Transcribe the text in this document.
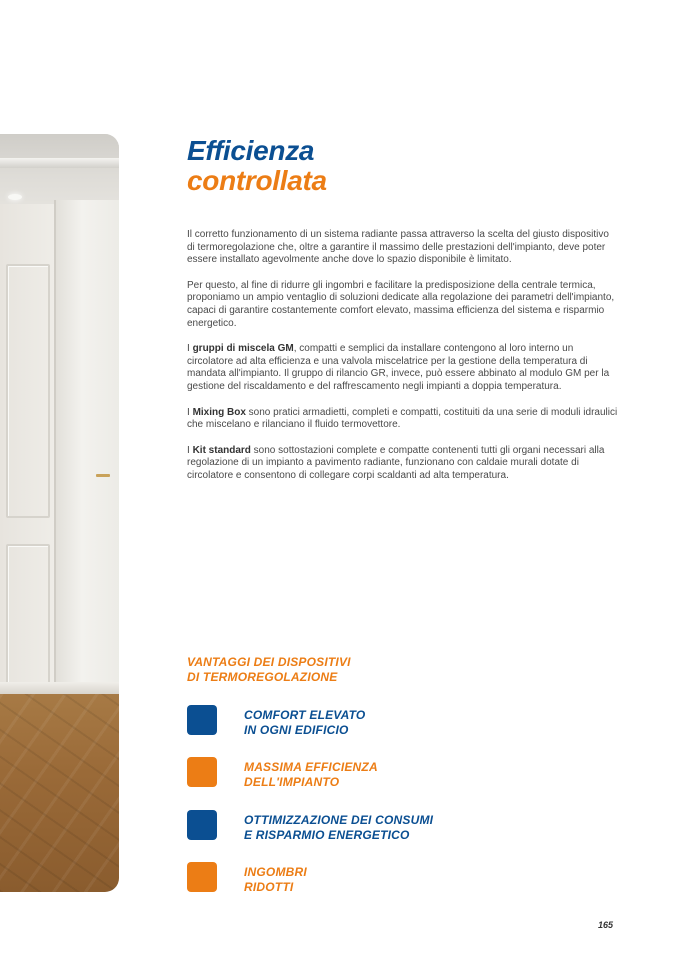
Efficienza
controllata

Il corretto funzionamento di un sistema radiante passa attraverso la scelta del giusto dispositivo di termoregolazione che, oltre a garantire il massimo delle prestazioni dell'impianto, deve poter essere installato agevolmente anche dove lo spazio disponibile è limitato.

Per questo, al fine di ridurre gli ingombri e facilitare la predisposizione della centrale termica, proponiamo un ampio ventaglio di soluzioni dedicate alla regolazione dei parametri dell'impianto, capaci di garantire costantemente comfort elevato, massima efficienza del sistema e risparmio energetico.

I gruppi di miscela GM, compatti e semplici da installare contengono al loro interno un circolatore ad alta efficienza e una valvola miscelatrice per la gestione della temperatura di mandata all'impianto. Il gruppo di rilancio GR, invece, può essere abbinato al modulo GM per la gestione del riscaldamento e del raffrescamento negli impianti a doppia temperatura.

I Mixing Box sono pratici armadietti, completi e compatti, costituiti da una serie di moduli idraulici che miscelano e rilanciano il fluido termovettore.

I Kit standard sono sottostazioni complete e compatte contenenti tutti gli organi necessari alla regolazione di un impianto a pavimento radiante, funzionano con caldaie murali dotate di circolatore e consentono di collegare corpi scaldanti ad alta temperatura.

VANTAGGI DEI DISPOSITIVI
DI TERMOREGOLAZIONE
COMFORT ELEVATO
IN OGNI EDIFICIO
MASSIMA EFFICIENZA
DELL'IMPIANTO
OTTIMIZZAZIONE DEI CONSUMI
E RISPARMIO ENERGETICO
INGOMBRI
RIDOTTI
165
